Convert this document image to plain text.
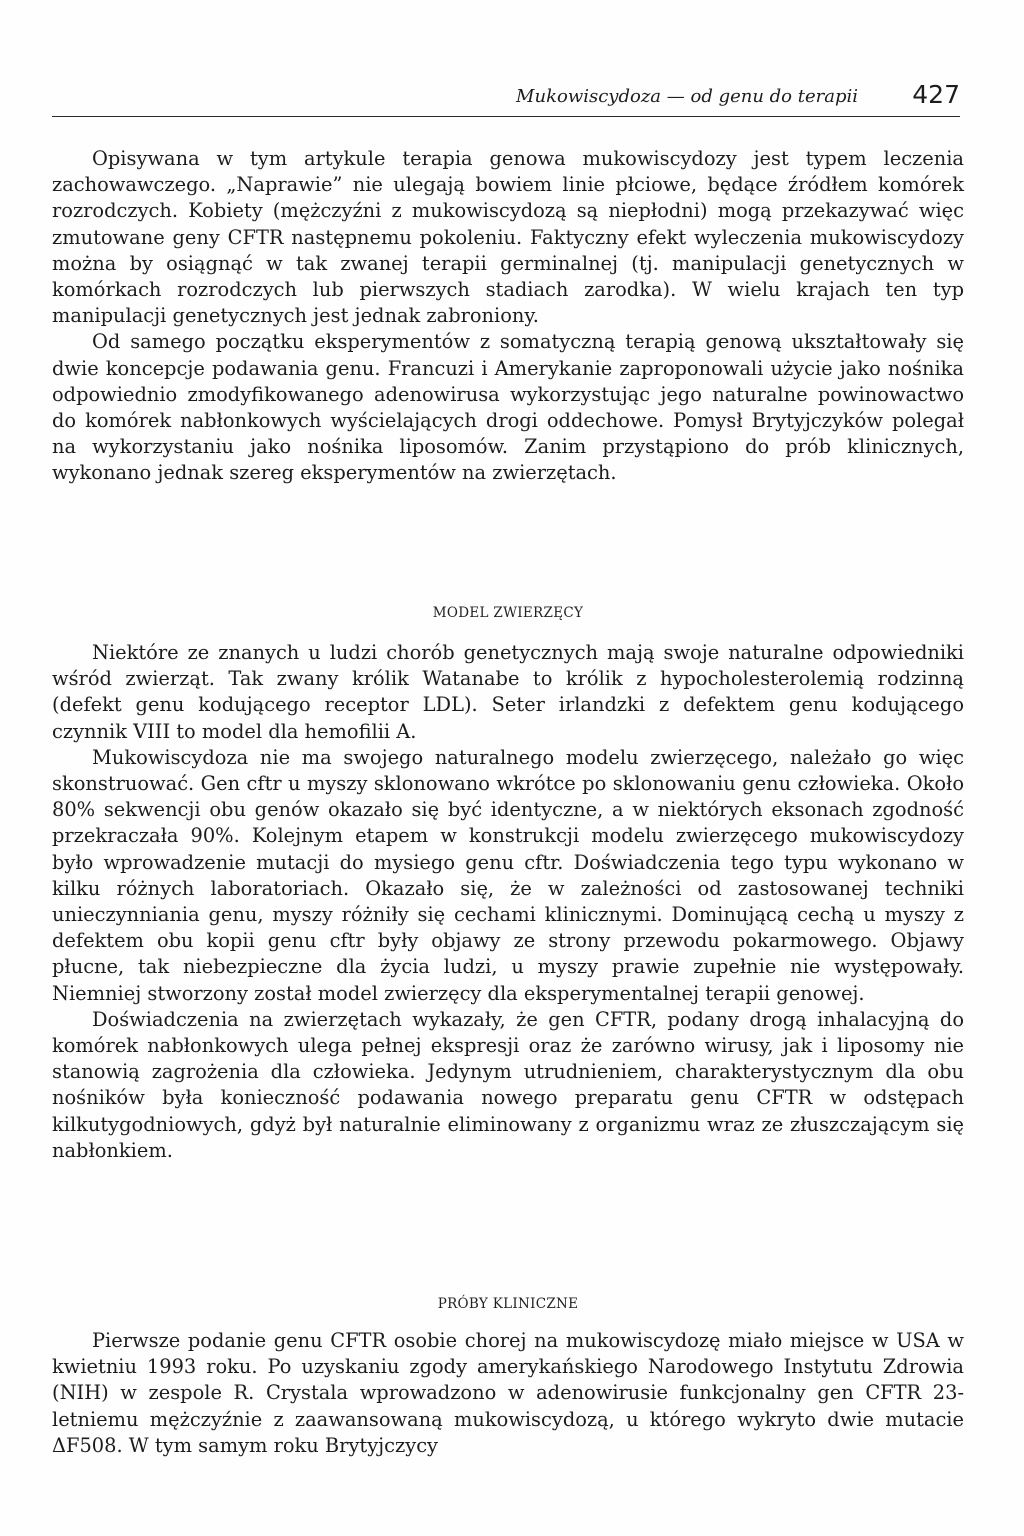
Mukowiscydoza — od genu do terapii 427

Opisywana w tym artykule terapia genowa mukowiscydozy jest typem leczenia zachowawczego. „Naprawie” nie ulegają bowiem linie płciowe, będące źródłem komórek rozrodczych. Kobiety (mężczyźni z mukowiscydozą są niepłodni) mogą przekazywać więc zmutowane geny CFTR następnemu pokoleniu. Faktyczny efekt wyleczenia mukowiscydozy można by osiągnąć w tak zwanej terapii germinalnej (tj. manipulacji genetycznych w komórkach rozrodczych lub pierwszych stadiach zarodka). W wielu krajach ten typ manipulacji genetycznych jest jednak zabroniony.

Od samego początku eksperymentów z somatyczną terapią genową ukształtowały się dwie koncepcje podawania genu. Francuzi i Amerykanie zaproponowali użycie jako nośnika odpowiednio zmodyfikowanego adenowirusa wykorzystując jego naturalne powinowactwo do komórek nabłonkowych wyścielających drogi oddechowe. Pomysł Brytyjczyków polegał na wykorzystaniu jako nośnika liposomów. Zanim przystąpiono do prób klinicznych, wykonano jednak szereg eksperymentów na zwierzętach.

MODEL ZWIERZĘCY

Niektóre ze znanych u ludzi chorób genetycznych mają swoje naturalne odpowiedniki wśród zwierząt. Tak zwany królik Watanabe to królik z hypocholesterolemią rodzinną (defekt genu kodującego receptor LDL). Seter irlandzki z defektem genu kodującego czynnik VIII to model dla hemofilii A.

Mukowiscydoza nie ma swojego naturalnego modelu zwierzęcego, należało go więc skonstruować. Gen cftr u myszy sklonowano wkrótce po sklonowaniu genu człowieka. Około 80% sekwencji obu genów okazało się być identyczne, a w niektórych eksonach zgodność przekraczała 90%. Kolejnym etapem w konstrukcji modelu zwierzęcego mukowiscydozy było wprowadzenie mutacji do mysiego genu cftr. Doświadczenia tego typu wykonano w kilku różnych laboratoriach. Okazało się, że w zależności od zastosowanej techniki unieczynniania genu, myszy różniły się cechami klinicznymi. Dominującą cechą u myszy z defektem obu kopii genu cftr były objawy ze strony przewodu pokarmowego. Objawy płucne, tak niebezpieczne dla życia ludzi, u myszy prawie zupełnie nie występowały. Niemniej stworzony został model zwierzęcy dla eksperymentalnej terapii genowej.

Doświadczenia na zwierzętach wykazały, że gen CFTR, podany drogą inhalacyjną do komórek nabłonkowych ulega pełnej ekspresji oraz że zarówno wirusy, jak i liposomy nie stanowią zagrożenia dla człowieka. Jedynym utrudnieniem, charakterystycznym dla obu nośników była konieczność podawania nowego preparatu genu CFTR w odstępach kilkutygodniowych, gdyż był naturalnie eliminowany z organizmu wraz ze złuszczającym się nabłonkiem.

PRÓBY KLINICZNE

Pierwsze podanie genu CFTR osobie chorej na mukowiscydozę miało miejsce w USA w kwietniu 1993 roku. Po uzyskaniu zgody amerykańskiego Narodowego Instytutu Zdrowia (NIH) w zespole R. Crystala wprowadzono w adenowirusie funkcjonalny gen CFTR 23-letniemu mężczyźnie z zaawansowaną mukowiscydozą, u którego wykryto dwie mutacie ΔF508. W tym samym roku Brytyjczycy
